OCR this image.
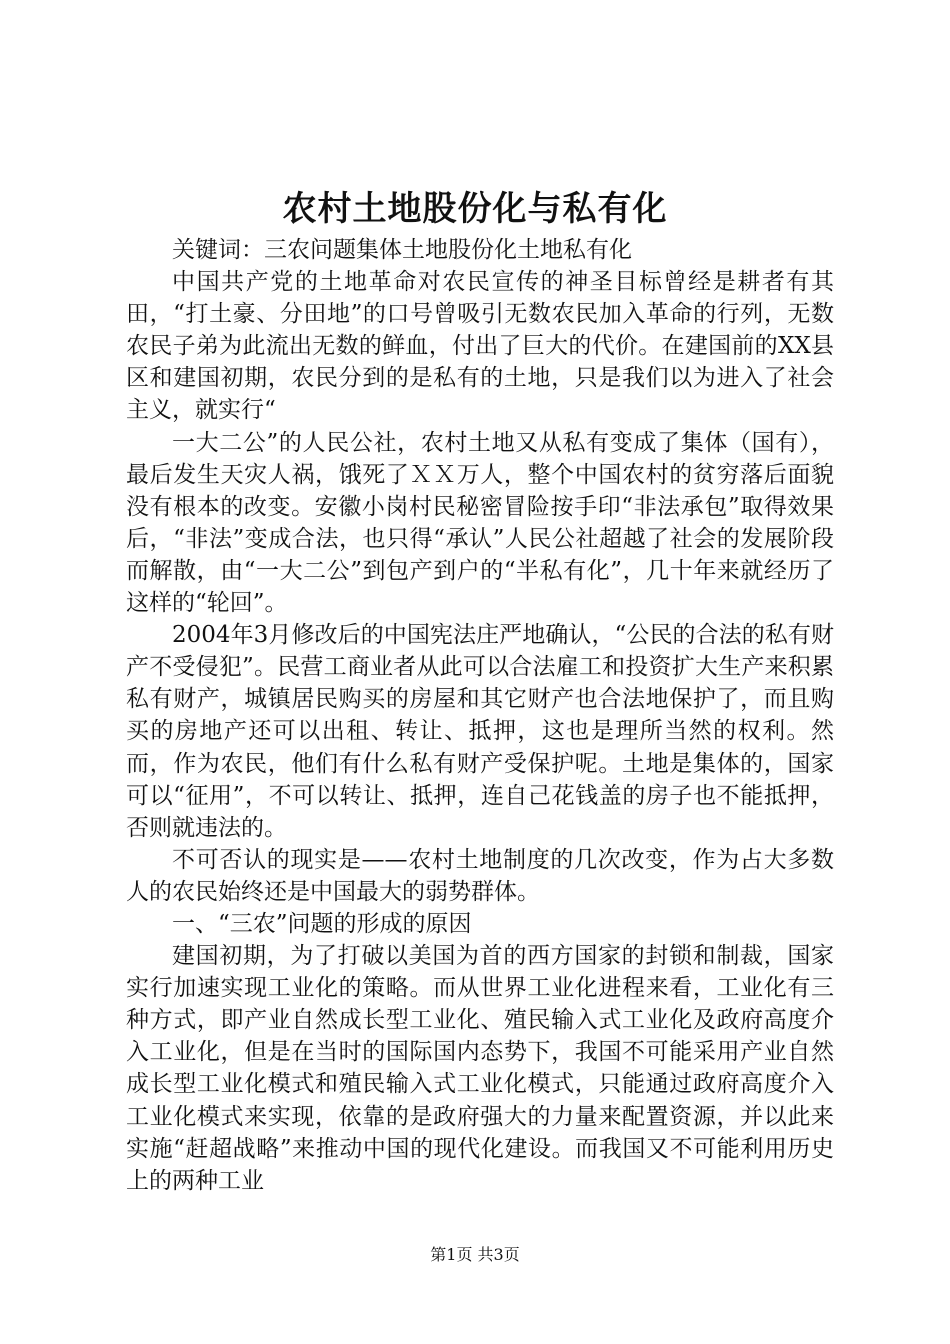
农村土地股份化与私有化

关键词：三农问题集体土地股份化土地私有化

中国共产党的土地革命对农民宣传的神圣目标曾经是耕者有其田，“打土豪、分田地”的口号曾吸引无数农民加入革命的行列，无数农民子弟为此流出无数的鲜血，付出了巨大的代价。在建国前的XX县区和建国初期，农民分到的是私有的土地，只是我们以为进入了社会主义，就实行“

一大二公”的人民公社，农村土地又从私有变成了集体（国有），最后发生天灾人祸，饿死了ＸＸ万人，整个中国农村的贫穷落后面貌没有根本的改变。安徽小岗村民秘密冒险按手印“非法承包”取得效果后，“非法”变成合法，也只得“承认”人民公社超越了社会的发展阶段而解散，由“一大二公”到包产到户的“半私有化”，几十年来就经历了这样的“轮回”。

2004年3月修改后的中国宪法庄严地确认，“公民的合法的私有财产不受侵犯”。民营工商业者从此可以合法雇工和投资扩大生产来积累私有财产，城镇居民购买的房屋和其它财产也合法地保护了，而且购买的房地产还可以出租、转让、抵押，这也是理所当然的权利。然而，作为农民，他们有什么私有财产受保护呢。土地是集体的，国家可以“征用”，不可以转让、抵押，连自己花钱盖的房子也不能抵押，否则就违法的。

不可否认的现实是——农村土地制度的几次改变，作为占大多数人的农民始终还是中国最大的弱势群体。

一、“三农”问题的形成的原因

建国初期，为了打破以美国为首的西方国家的封锁和制裁，国家实行加速实现工业化的策略。而从世界工业化进程来看，工业化有三种方式，即产业自然成长型工业化、殖民输入式工业化及政府高度介入工业化，但是在当时的国际国内态势下，我国不可能采用产业自然成长型工业化模式和殖民输入式工业化模式，只能通过政府高度介入工业化模式来实现，依靠的是政府强大的力量来配置资源，并以此来实施“赶超战略”来推动中国的现代化建设。而我国又不可能利用历史上的两种工业

第1页 共3页
